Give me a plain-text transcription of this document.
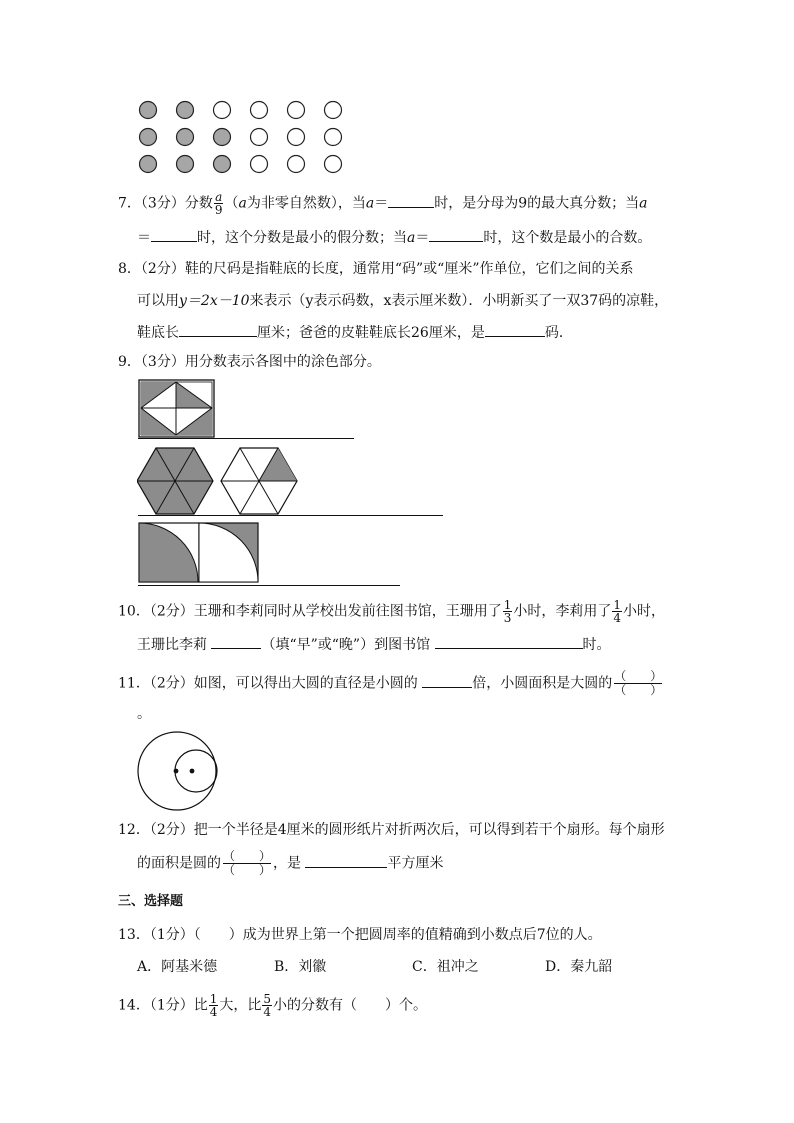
7．（3分）分数 $\frac{a}{9} (a$为非零自然数），当a＝	时，是分母为9的最大真分数；当a
＝	时，这个分数是最小的假分数；当a＝	时，这个数是最小的合数。
8．（2分）鞋的尺码是指鞋底的长度，通常用“码”或“厘米”作单位，它们之间的关系
可以用y＝2x－10来表示（y表示码数，x表示厘米数）．小明新买了一双37码的凉鞋，
鞋底长	厘米；爸爸的皮鞋鞋底长26厘米，是	码．
9．（3分）用分数表示各图中的涂色部分。
10．（2分）王珊和李莉同时从学校出发前往图书馆，王珊用了 $\frac{1}{3}$ 小时，李莉用了 $\frac{1}{4}$ 小时，
王珊比李莉	（填“早”或“晚”）到图书馆	时。
11．（2分）如图，可以得出大圆的直径是小圆的	倍，小圆面积是大圆的 （　　）
（　　）
。
12．（2分）把一个半径是4厘米的圆形纸片对折两次后，可以得到若干个扇形。每个扇形
的面积是圆的 （　　）
（　　） ，是	平方厘米
三、选择题
13．（1分）（　　）成为世界上第一个把圆周率的值精确到小数点后7位的人。
A．阿基米德	B．刘徽	C．祖冲之	D．秦九韶
14．（1分）比 $\frac{1}{4}$ 大，比 $\frac{5}{4}$ 小的分数有（　　）个。
